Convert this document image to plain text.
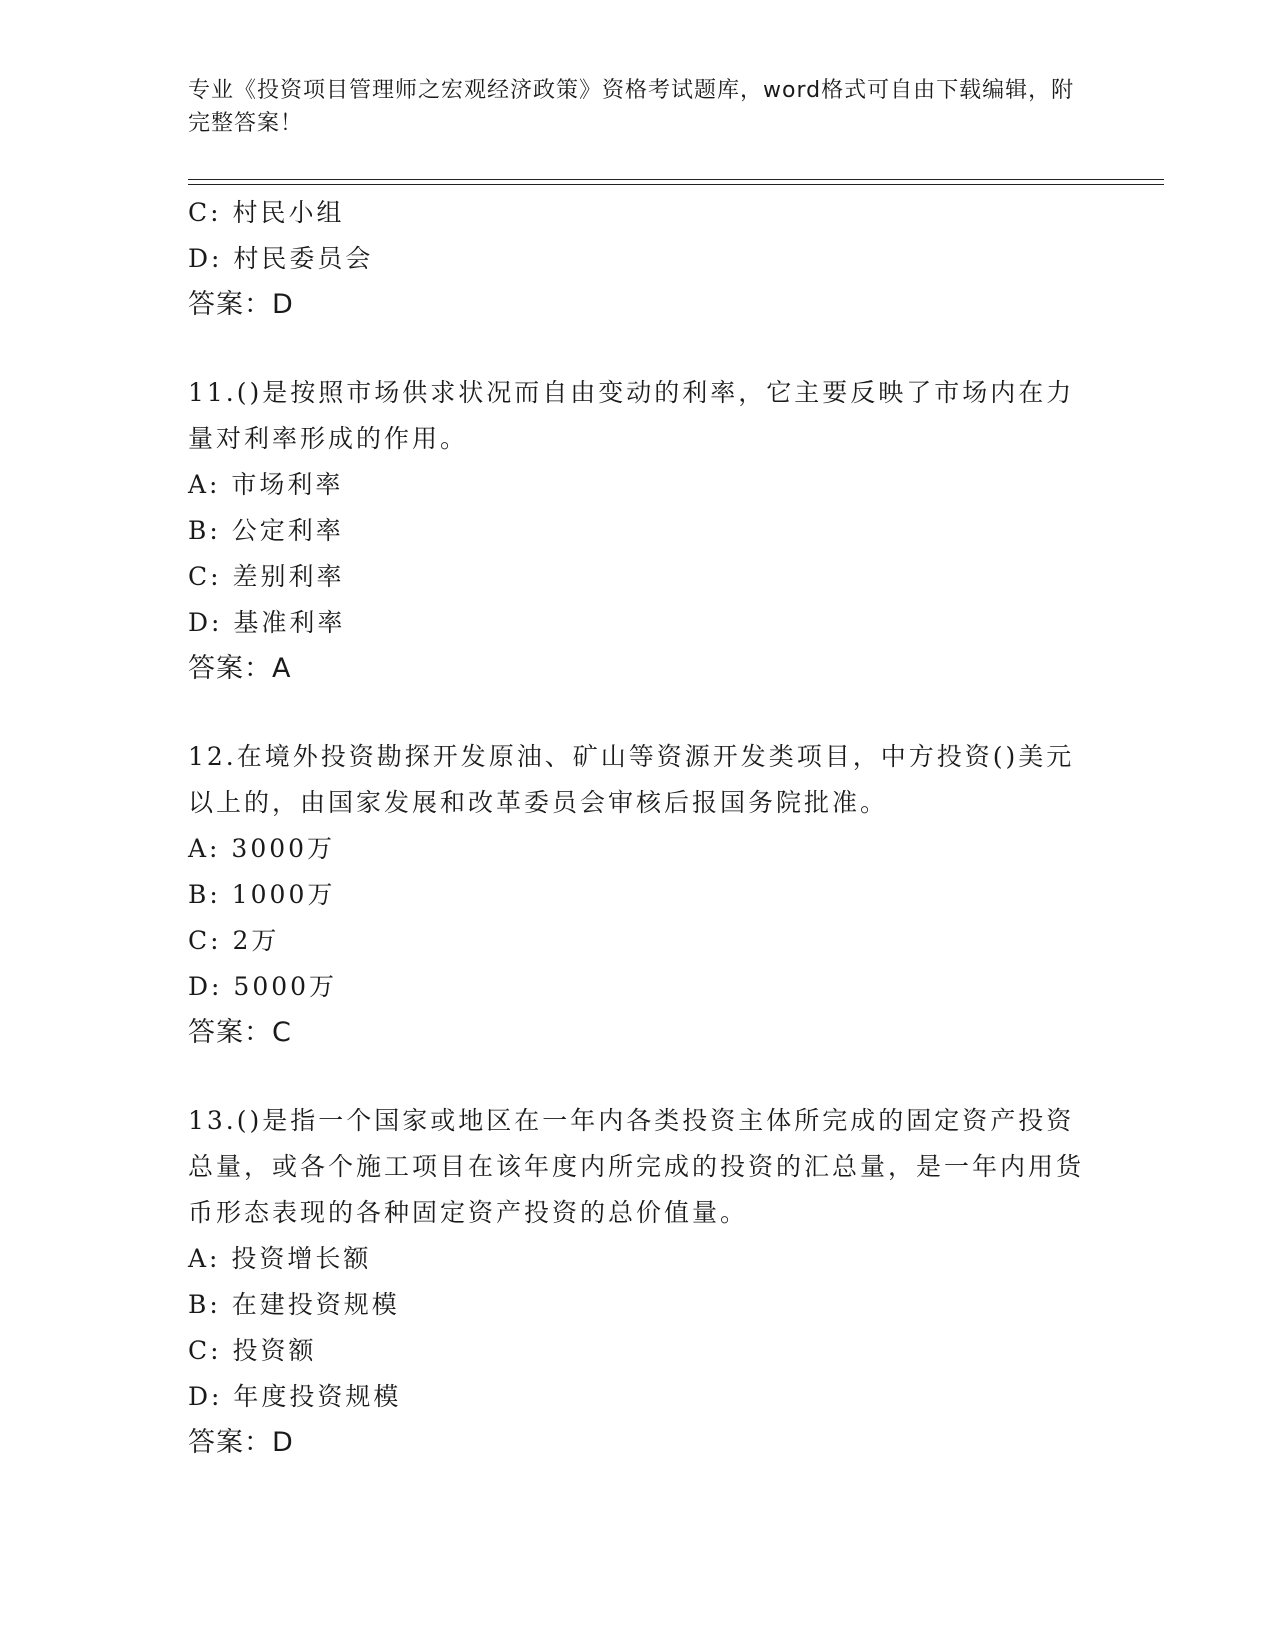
专业《投资项目管理师之宏观经济政策》资格考试题库，word格式可自由下载编辑，附完整答案！
C: 村民小组
D: 村民委员会
答案：D
11.()是按照市场供求状况而自由变动的利率，它主要反映了市场内在力量对利率形成的作用。
A: 市场利率
B: 公定利率
C: 差别利率
D: 基准利率
答案：A
12.在境外投资勘探开发原油、矿山等资源开发类项目，中方投资()美元以上的，由国家发展和改革委员会审核后报国务院批准。
A: 3000万
B: 1000万
C: 2万
D: 5000万
答案：C
13.()是指一个国家或地区在一年内各类投资主体所完成的固定资产投资总量，或各个施工项目在该年度内所完成的投资的汇总量，是一年内用货币形态表现的各种固定资产投资的总价值量。
A: 投资增长额
B: 在建投资规模
C: 投资额
D: 年度投资规模
答案：D
